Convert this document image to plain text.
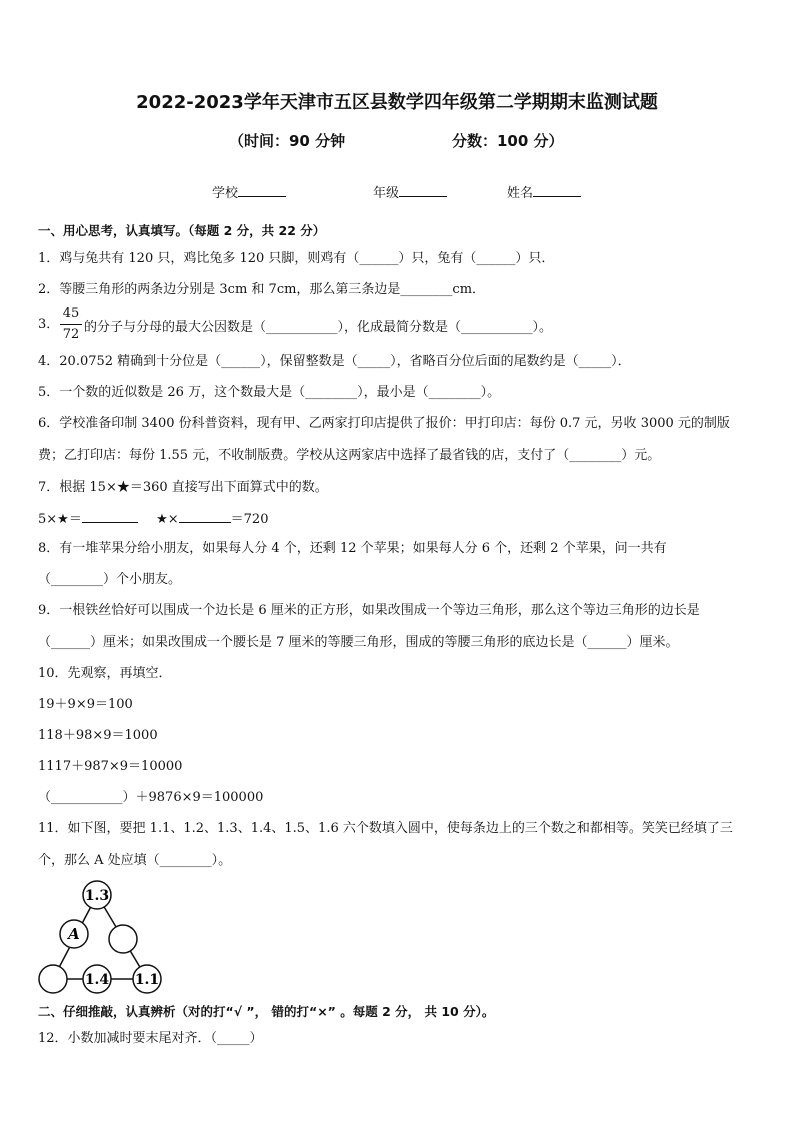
2022-2023学年天津市五区县数学四年级第二学期期末监测试题
（时间：90 分钟	分数：100 分）
学校	年级	姓名
一、用心思考，认真填写。（每题 2 分，共 22 分）
1．鸡与兔共有 120 只，鸡比兔多 120 只脚，则鸡有（______）只，兔有（______）只．
2．等腰三角形的两条边分别是 3cm 和 7cm，那么第三条边是________cm．
3．
45
72 的分子与分母的最大公因数是（___________），化成最简分数是（___________）。
4．20.0752 精确到十分位是（______），保留整数是（_____），省略百分位后面的尾数约是（_____）．
5．一个数的近似数是 26 万，这个数最大是（________），最小是（________）。
6．学校准备印制 3400 份科普资料，现有甲、乙两家打印店提供了报价：甲打印店：每份 0.7 元，另收 3000 元的制版
费；乙打印店：每份 1.55 元，不收制版费。学校从这两家店中选择了最省钱的店，支付了（________）元。
7．根据 15×★＝360 直接写出下面算式中的数。
5×★＝	★×	＝720
8．有一堆苹果分给小朋友，如果每人分 4 个，还剩 12 个苹果；如果每人分 6 个，还剩 2 个苹果，问一共有
（________）个小朋友。
9．一根铁丝恰好可以围成一个边长是 6 厘米的正方形，如果改围成一个等边三角形，那么这个等边三角形的边长是
（______）厘米；如果改围成一个腰长是 7 厘米的等腰三角形，围成的等腰三角形的底边长是（______）厘米。
10．先观察，再填空．
19＋9×9＝100
118＋98×9＝1000
1117＋987×9＝10000
（___________）＋9876×9＝100000
11．如下图，要把 1.1、1.2、1.3、1.4、1.5、1.6 六个数填入圆中，使每条边上的三个数之和都相等。笑笑已经填了三
个，那么 A 处应填（________）。
1.3
A
1.4 1.1
二、仔细推敲，认真辨析（对的打“√ ”， 错的打“×” 。每题 2 分， 共 10 分）。
12．小数加减时要末尾对齐．（_____）
